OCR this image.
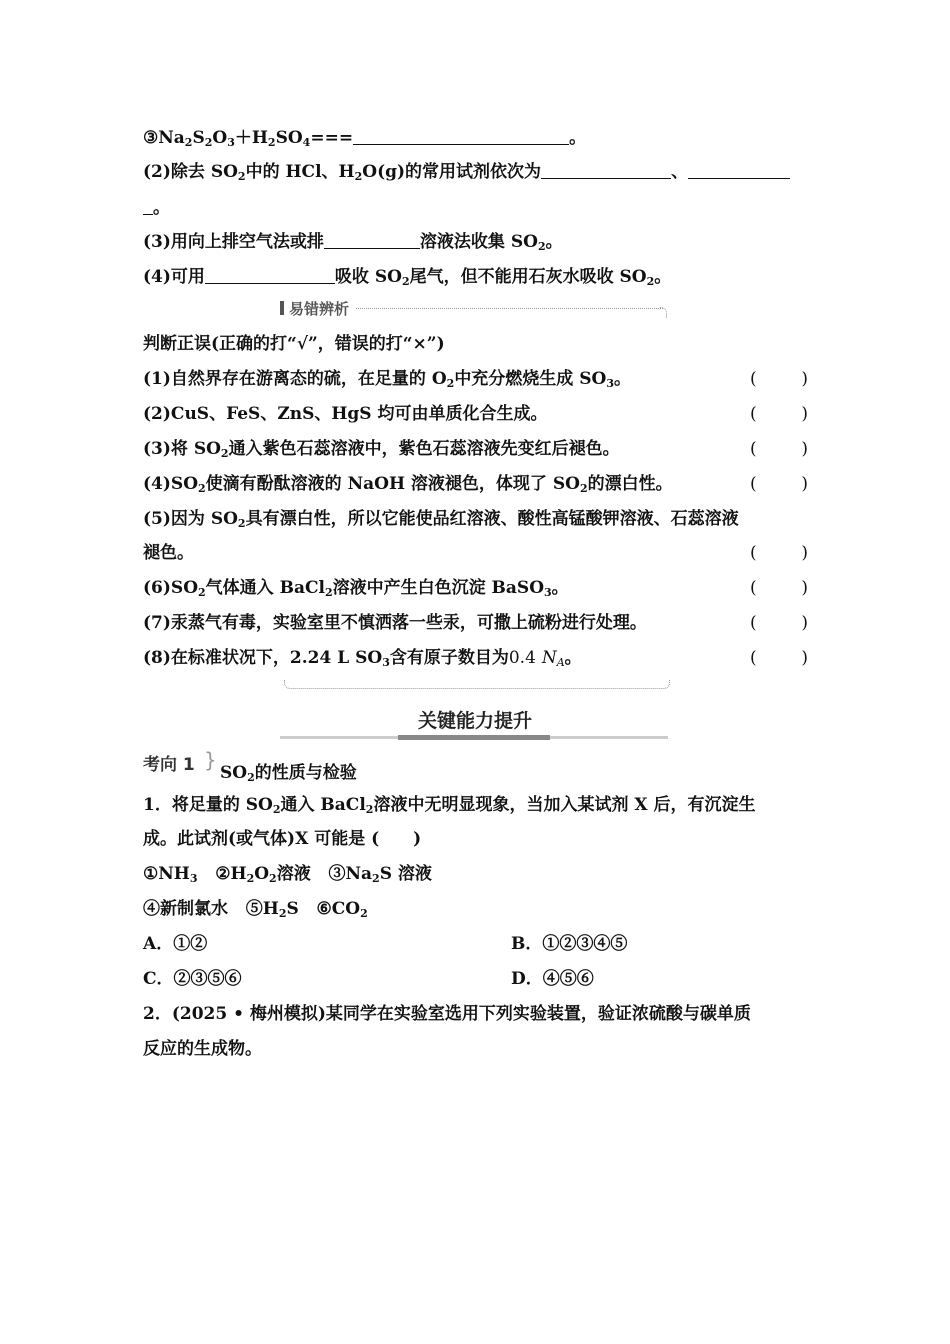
$③Na_2S_2O_3+H_2SO_4===$	。
(2)除去 $SO_2$中的 HCl、$H_2O(g)$的常用试剂依次为	、
。
(3)用向上排空气法或排	溶液法收集 $SO_2$。
(4)可用	吸收 $SO_2$尾气，但不能用石灰水吸收 $SO_2$。
易错辨析
判断正误(正确的打“√”，错误的打“×”)
(1)自然界存在游离态的硫，在足量的 $O_2$中充分燃烧生成 $SO_3$。	(	)
(2)CuS、FeS、ZnS、HgS 均可由单质化合生成。	(	)
(3)将 $SO_2$通入紫色石蕊溶液中，紫色石蕊溶液先变红后褪色。	(	)
$(4)SO_2$使滴有酚酞溶液的 NaOH 溶液褪色，体现了 $SO_2$的漂白性。	(	)
(5)因为 $SO_2$具有漂白性，所以它能使品红溶液、酸性高锰酸钾溶液、石蕊溶液
褪色。	(	)
$(6)SO_2$气体通入 BaCl$_2$溶液中产生白色沉淀 BaSO$_3$。	(	)
(7)汞蒸气有毒，实验室里不慎洒落一些汞，可撒上硫粉进行处理。	(	)
(8)在标准状况下，2.24 L $SO_3$含有原子数目为0.4 $N_A$。	(	)
关键能力提升
考向 1 }
$SO_2$的性质与检验
1．将足量的 $SO_2$通入 BaCl$_2$溶液中无明显现象，当加入某试剂 X 后，有沉淀生
成。此试剂(或气体)X 可能是 (　　)
$①NH_3$ $②H_2O_2$溶液 $③Na_2S$ 溶液
④新制氯水 $⑤H_2S$ $⑥CO_2$
A．①②	B．①②③④⑤
C．②③⑤⑥	D．④⑤⑥
2．(2025 • 梅州模拟)某同学在实验室选用下列实验装置，验证浓硫酸与碳单质
反应的生成物。
